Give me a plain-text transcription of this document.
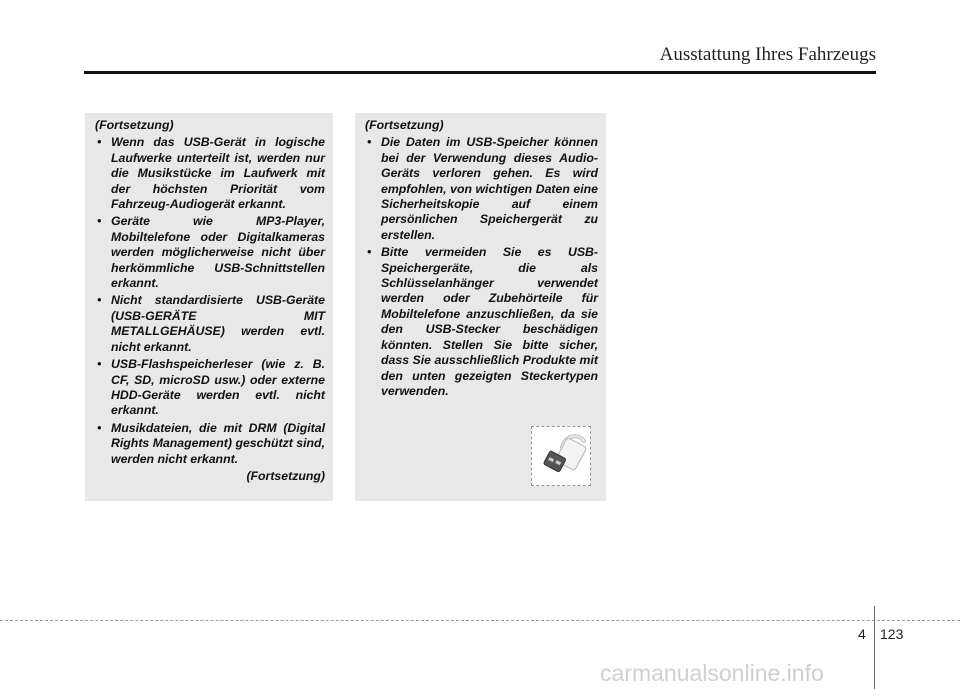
Ausstattung Ihres Fahrzeugs
(Fortsetzung)
• Wenn das USB-Gerät in logische Laufwerke unterteilt ist, werden nur die Musikstücke im Laufwerk mit der höchsten Priorität vom Fahrzeug-Audiogerät erkannt.
• Geräte wie MP3-Player, Mobiltelefone oder Digitalkameras werden möglicherweise nicht über herkömmliche USB-Schnittstellen erkannt.
• Nicht standardisierte USB-Geräte (USB-GERÄTE MIT METALLGEHÄUSE) werden evtl. nicht erkannt.
• USB-Flashspeicherleser (wie z. B. CF, SD, microSD usw.) oder externe HDD-Geräte werden evtl. nicht erkannt.
• Musikdateien, die mit DRM (Digital Rights Management) geschützt sind, werden nicht erkannt.
(Fortsetzung)
(Fortsetzung)
• Die Daten im USB-Speicher können bei der Verwendung dieses Audio-Geräts verloren gehen. Es wird empfohlen, von wichtigen Daten eine Sicherheitskopie auf einem persönlichen Speichergerät zu erstellen.
• Bitte vermeiden Sie es USB-Speichergeräte, die als Schlüsselanhänger verwendet werden oder Zubehörteile für Mobiltelefone anzuschließen, da sie den USB-Stecker beschädigen könnten. Stellen Sie bitte sicher, dass Sie ausschließlich Produkte mit den unten gezeigten Steckertypen verwenden.
4 123
carmanualsonline.info
